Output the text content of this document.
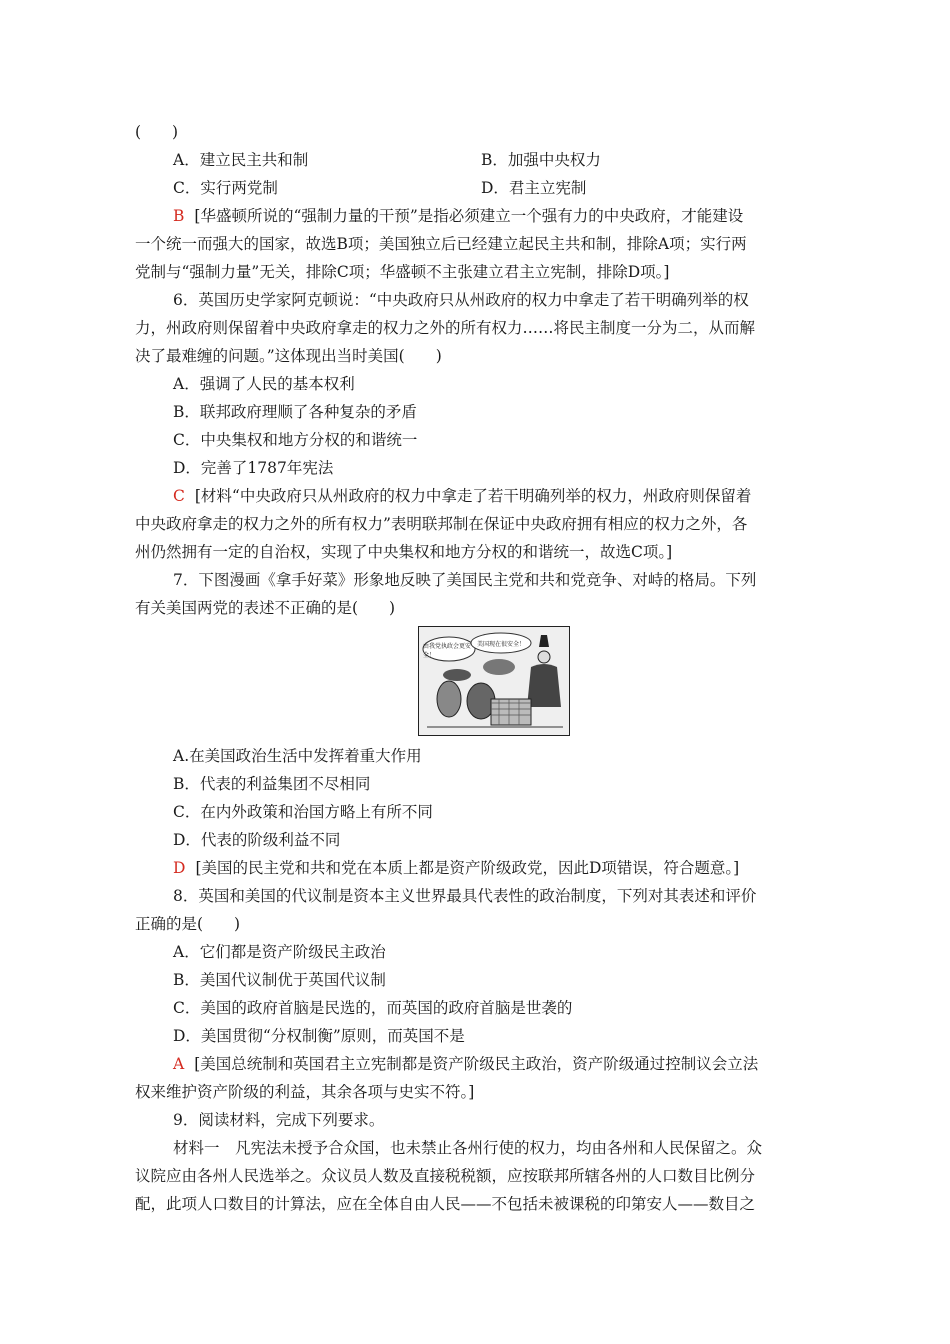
(　　)
A．建立民主共和制	B．加强中央权力
C．实行两党制	D．君主立宪制
B [华盛顿所说的“强制力量的干预”是指必须建立一个强有力的中央政府，才能建设
一个统一而强大的国家，故选B项；美国独立后已经建立起民主共和制，排除A项；实行两
党制与“强制力量”无关，排除C项；华盛顿不主张建立君主立宪制，排除D项。]
6．英国历史学家阿克顿说：“中央政府只从州政府的权力中拿走了若干明确列举的权
力，州政府则保留着中央政府拿走的权力之外的所有权力……将民主制度一分为二，从而解
决了最难缠的问题。”这体现出当时美国(　　)
A．强调了人民的基本权利
B．联邦政府理顺了各种复杂的矛盾
C．中央集权和地方分权的和谐统一
D．完善了1787年宪法
C [材料“中央政府只从州政府的权力中拿走了若干明确列举的权力，州政府则保留着
中央政府拿走的权力之外的所有权力”表明联邦制在保证中央政府拥有相应的权力之外，各
州仍然拥有一定的自治权，实现了中央集权和地方分权的和谐统一，故选C项。]
7．下图漫画《拿手好菜》形象地反映了美国民主党和共和党竞争、对峙的格局。下列
有关美国两党的表述不正确的是(　　)
由我党执政会更安全！
美国现在很安全！
A.在美国政治生活中发挥着重大作用
B．代表的利益集团不尽相同
C．在内外政策和治国方略上有所不同
D．代表的阶级利益不同
D [美国的民主党和共和党在本质上都是资产阶级政党，因此D项错误，符合题意。]
8．英国和美国的代议制是资本主义世界最具代表性的政治制度，下列对其表述和评价
正确的是(　　)
A．它们都是资产阶级民主政治
B．美国代议制优于英国代议制
C．美国的政府首脑是民选的，而英国的政府首脑是世袭的
D．美国贯彻“分权制衡”原则，而英国不是
A [美国总统制和英国君主立宪制都是资产阶级民主政治，资产阶级通过控制议会立法
权来维护资产阶级的利益，其余各项与史实不符。]
9．阅读材料，完成下列要求。
材料一　凡宪法未授予合众国，也未禁止各州行使的权力，均由各州和人民保留之。众
议院应由各州人民选举之。众议员人数及直接税税额，应按联邦所辖各州的人口数目比例分
配，此项人口数目的计算法，应在全体自由人民——不包括未被课税的印第安人——数目之
